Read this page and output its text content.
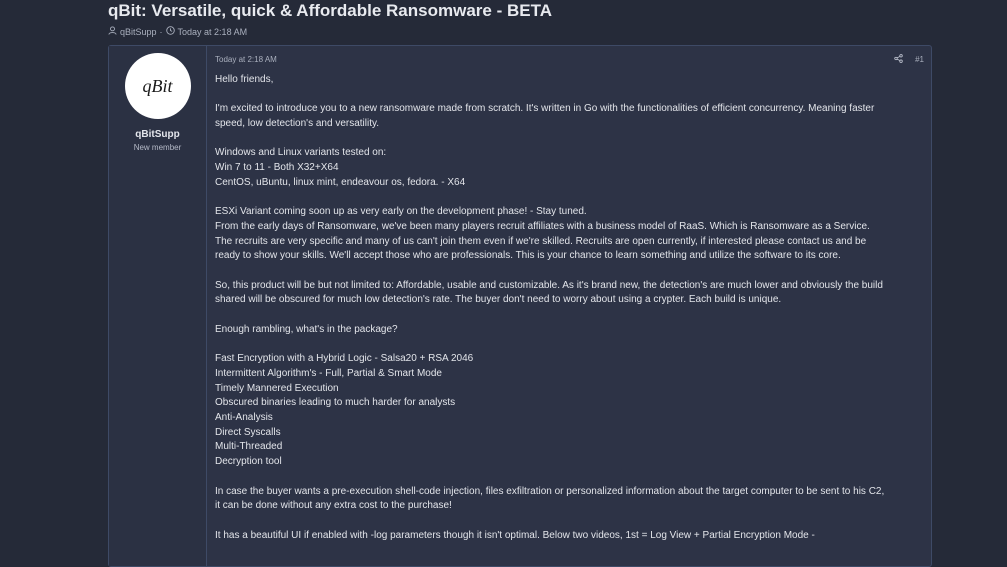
qBit: Versatile, quick & Affordable Ransomware - BETA
qBitSupp · Today at 2:18 AM
qBit
qBitSupp
New member
Today at 2:18 AM	#1

Hello friends,

I'm excited to introduce you to a new ransomware made from scratch. It's written in Go with the functionalities of efficient concurrency. Meaning faster
speed, low detection's and versatility.

Windows and Linux variants tested on:
Win 7 to 11 - Both X32+X64
CentOS, uBuntu, linux mint, endeavour os, fedora. - X64

ESXi Variant coming soon up as very early on the development phase! - Stay tuned.
From the early days of Ransomware, we've been many players recruit affiliates with a business model of RaaS. Which is Ransomware as a Service.
The recruits are very specific and many of us can't join them even if we're skilled. Recruits are open currently, if interested please contact us and be
ready to show your skills. We'll accept those who are professionals. This is your chance to learn something and utilize the software to its core.

So, this product will be but not limited to: Affordable, usable and customizable. As it's brand new, the detection's are much lower and obviously the build
shared will be obscured for much low detection's rate. The buyer don't need to worry about using a crypter. Each build is unique.

Enough rambling, what's in the package?

Fast Encryption with a Hybrid Logic - Salsa20 + RSA 2046
Intermittent Algorithm's - Full, Partial & Smart Mode
Timely Mannered Execution
Obscured binaries leading to much harder for analysts
Anti-Analysis
Direct Syscalls
Multi-Threaded
Decryption tool

In case the buyer wants a pre-execution shell-code injection, files exfiltration or personalized information about the target computer to be sent to his C2,
it can be done without any extra cost to the purchase!

It has a beautiful UI if enabled with -log parameters though it isn't optimal. Below two videos, 1st = Log View + Partial Encryption Mode -
